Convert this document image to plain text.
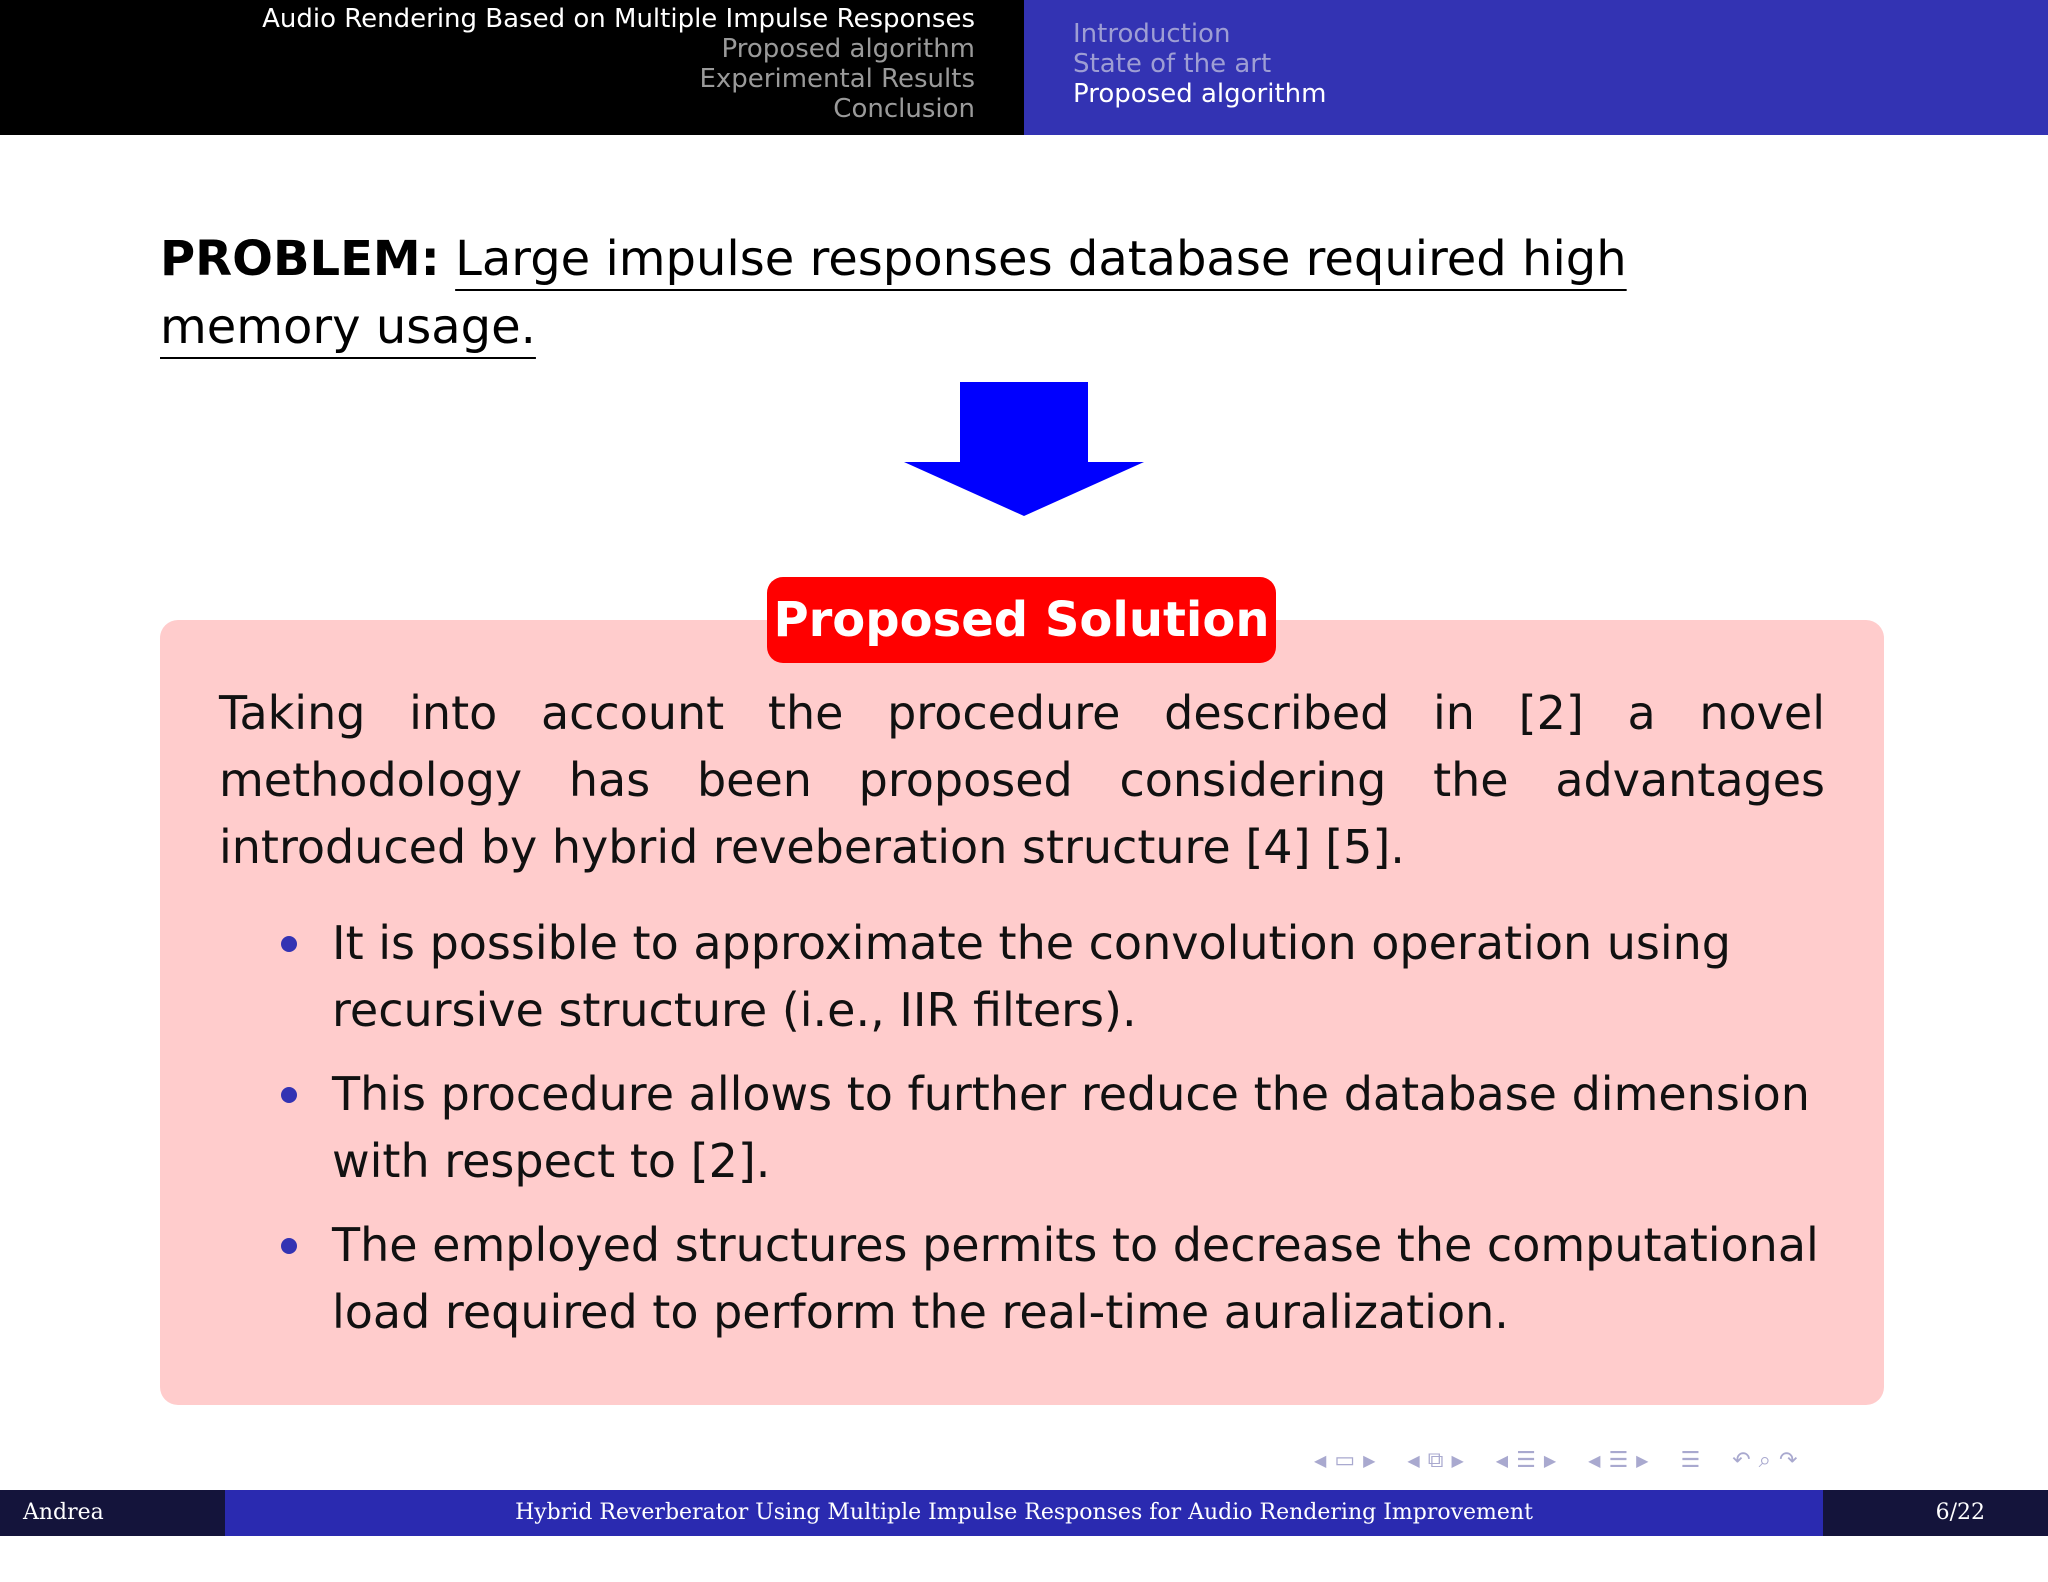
Audio Rendering Based on Multiple Impulse Responses
Proposed algorithm
Experimental Results
Conclusion
Introduction
State of the art
Proposed algorithm
PROBLEM: Large impulse responses database required high memory usage.
Proposed Solution
Taking into account the procedure described in [2] a novel methodology has been proposed considering the advantages introduced by hybrid reveberation structure [4] [5].
It is possible to approximate the convolution operation using recursive structure (i.e., IIR filters).
This procedure allows to further reduce the database dimension with respect to [2].
The employed structures permits to decrease the computational load required to perform the real-time auralization.
◀ ▭ ▶ ◀ ⧉ ▶ ◀ ☰ ▶ ◀ ☰ ▶ ☰ ↶ ⌕ ↷
Andrea Primavera
Hybrid Reverberator Using Multiple Impulse Responses for Audio Rendering Improvement	6/22
